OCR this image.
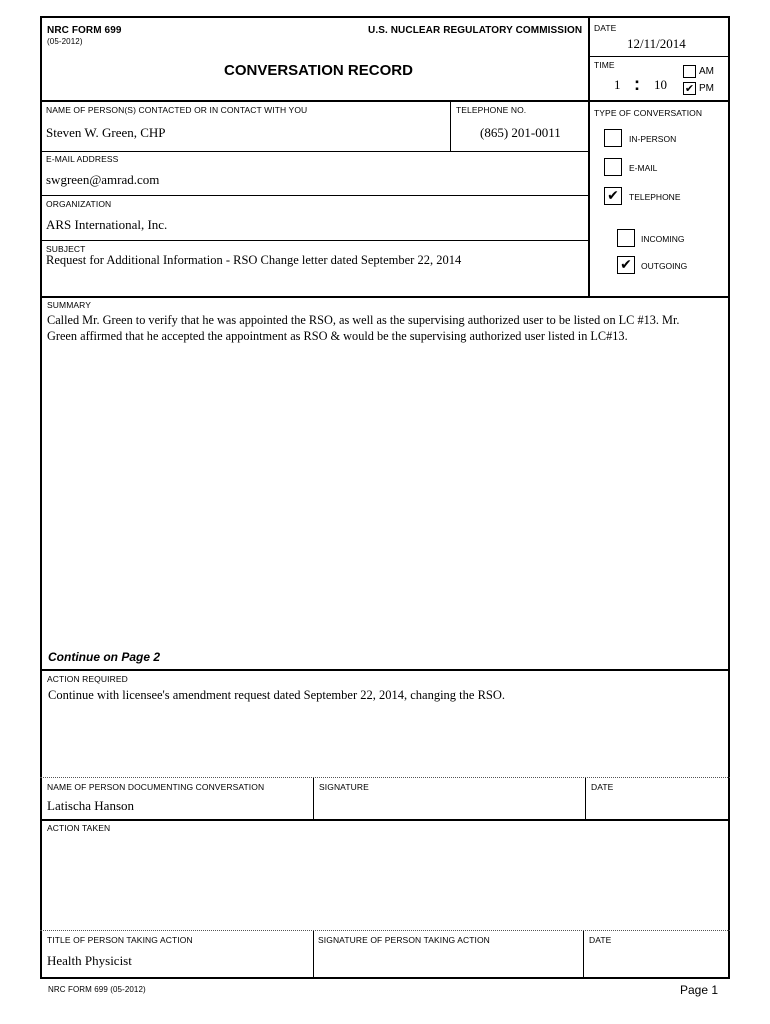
NRC FORM 699
(05-2012)
U.S. NUCLEAR REGULATORY COMMISSION
CONVERSATION RECORD
DATE
12/11/2014
TIME
1 : 10
AM
✔ PM
NAME OF PERSON(S) CONTACTED OR IN CONTACT WITH YOU
Steven W. Green, CHP
TELEPHONE NO.
(865) 201-0011
E-MAIL ADDRESS
swgreen@amrad.com
ORGANIZATION
ARS International, Inc.
SUBJECT
Request for Additional Information - RSO Change letter dated September 22, 2014
TYPE OF CONVERSATION
IN-PERSON
E-MAIL
✔	TELEPHONE
INCOMING
✔	OUTGOING
SUMMARY
Called Mr. Green to verify that he was appointed the RSO, as well as the supervising authorized user to be listed on LC #13. Mr.
Green affirmed that he accepted the appointment as RSO & would be the supervising authorized user listed in LC#13.
Continue on Page 2
ACTION REQUIRED
Continue with licensee's amendment request dated September 22, 2014, changing the RSO.
NAME OF PERSON DOCUMENTING CONVERSATION
Latischa Hanson
SIGNATURE	DATE
ACTION TAKEN
TITLE OF PERSON TAKING ACTION
Health Physicist
SIGNATURE OF PERSON TAKING ACTION	DATE
NRC FORM 699 (05-2012)	Page 1
